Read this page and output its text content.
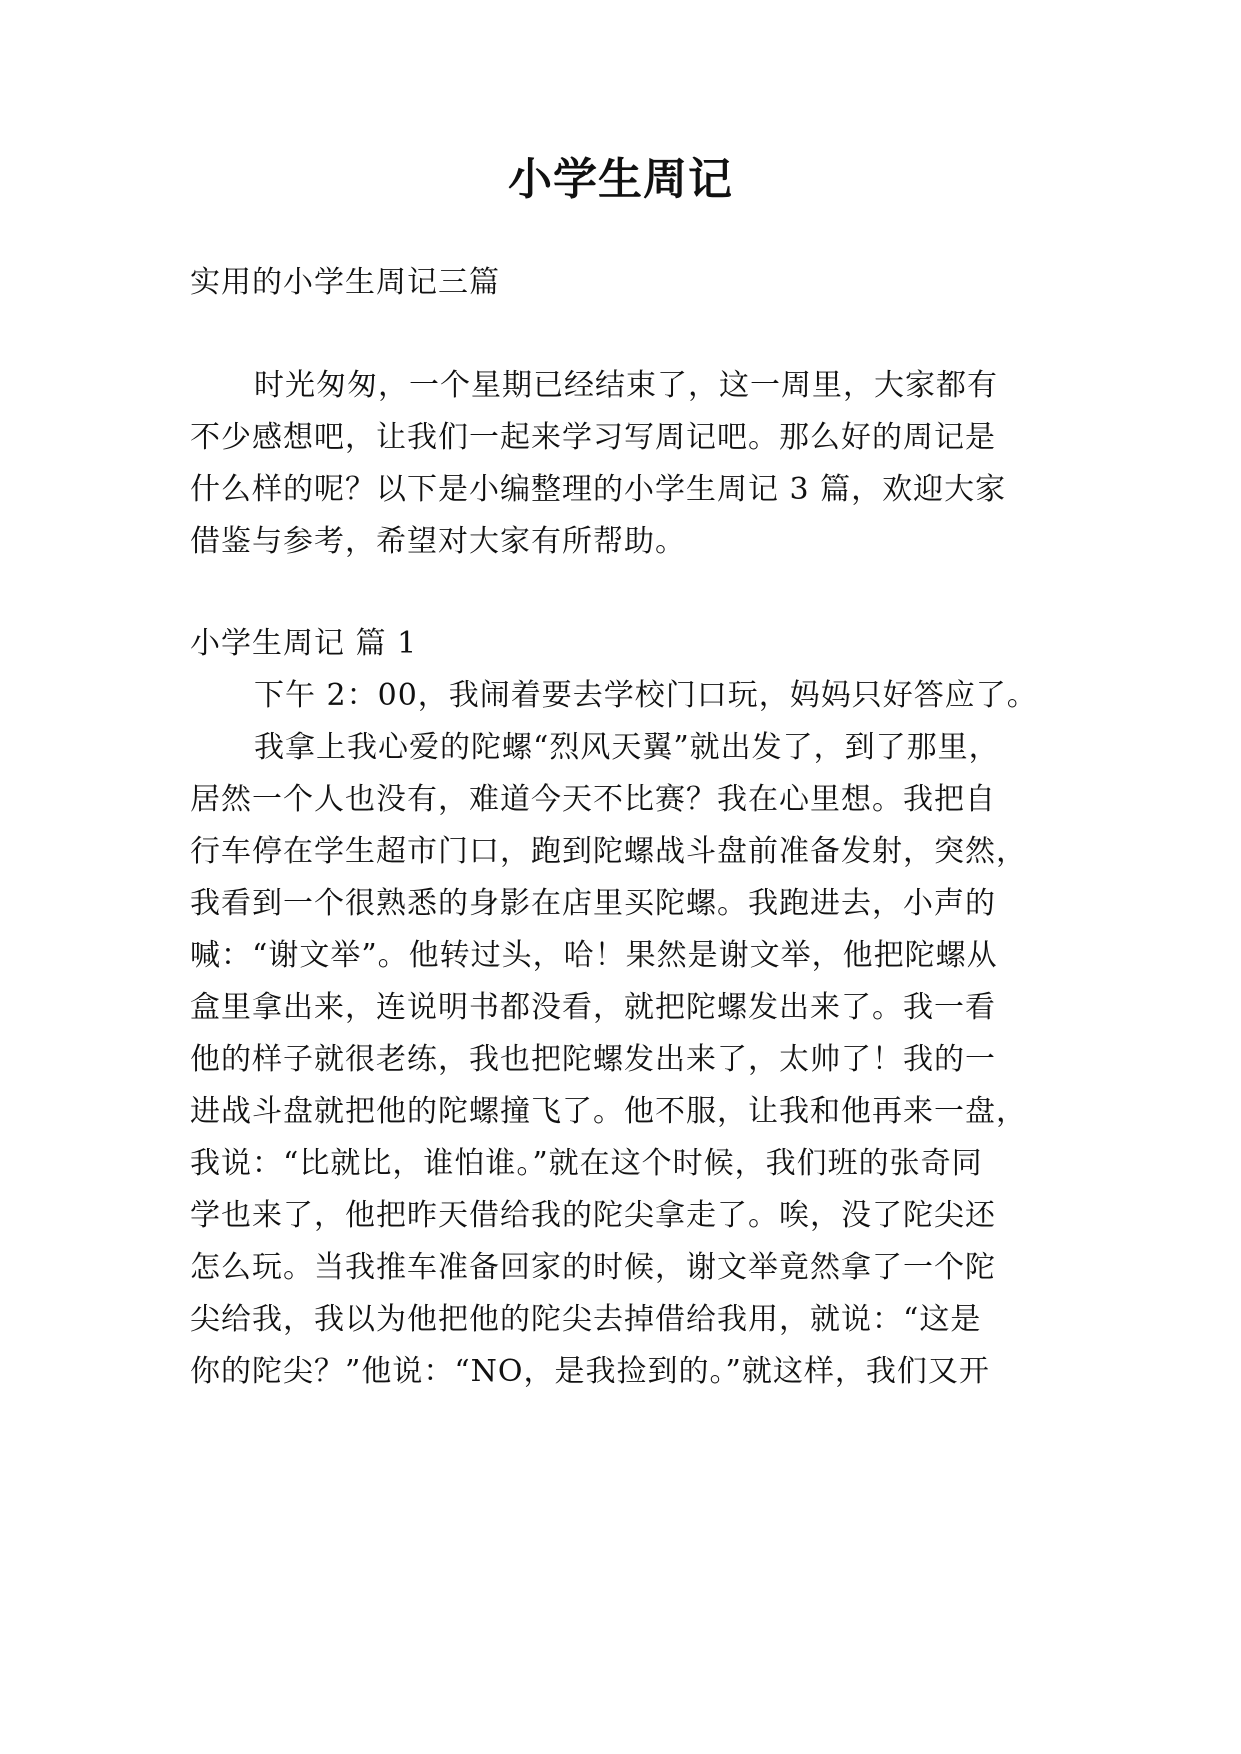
小学生周记
实用的小学生周记三篇
时光匆匆，一个星期已经结束了，这一周里，大家都有
不少感想吧，让我们一起来学习写周记吧。那么好的周记是
什么样的呢？以下是小编整理的小学生周记 3 篇，欢迎大家
借鉴与参考，希望对大家有所帮助。
小学生周记 篇 1
下午 2：00，我闹着要去学校门口玩，妈妈只好答应了。
我拿上我心爱的陀螺“烈风天翼”就出发了，到了那里，
居然一个人也没有，难道今天不比赛？我在心里想。我把自
行车停在学生超市门口，跑到陀螺战斗盘前准备发射，突然，
我看到一个很熟悉的身影在店里买陀螺。我跑进去，小声的
喊：“谢文举”。他转过头，哈！果然是谢文举，他把陀螺从
盒里拿出来，连说明书都没看，就把陀螺发出来了。我一看
他的样子就很老练，我也把陀螺发出来了，太帅了！我的一
进战斗盘就把他的陀螺撞飞了。他不服，让我和他再来一盘，
我说：“比就比，谁怕谁。”就在这个时候，我们班的张奇同
学也来了，他把昨天借给我的陀尖拿走了。唉，没了陀尖还
怎么玩。当我推车准备回家的时候，谢文举竟然拿了一个陀
尖给我，我以为他把他的陀尖去掉借给我用，就说：“这是
你的陀尖？”他说：“NO，是我捡到的。”就这样，我们又开
